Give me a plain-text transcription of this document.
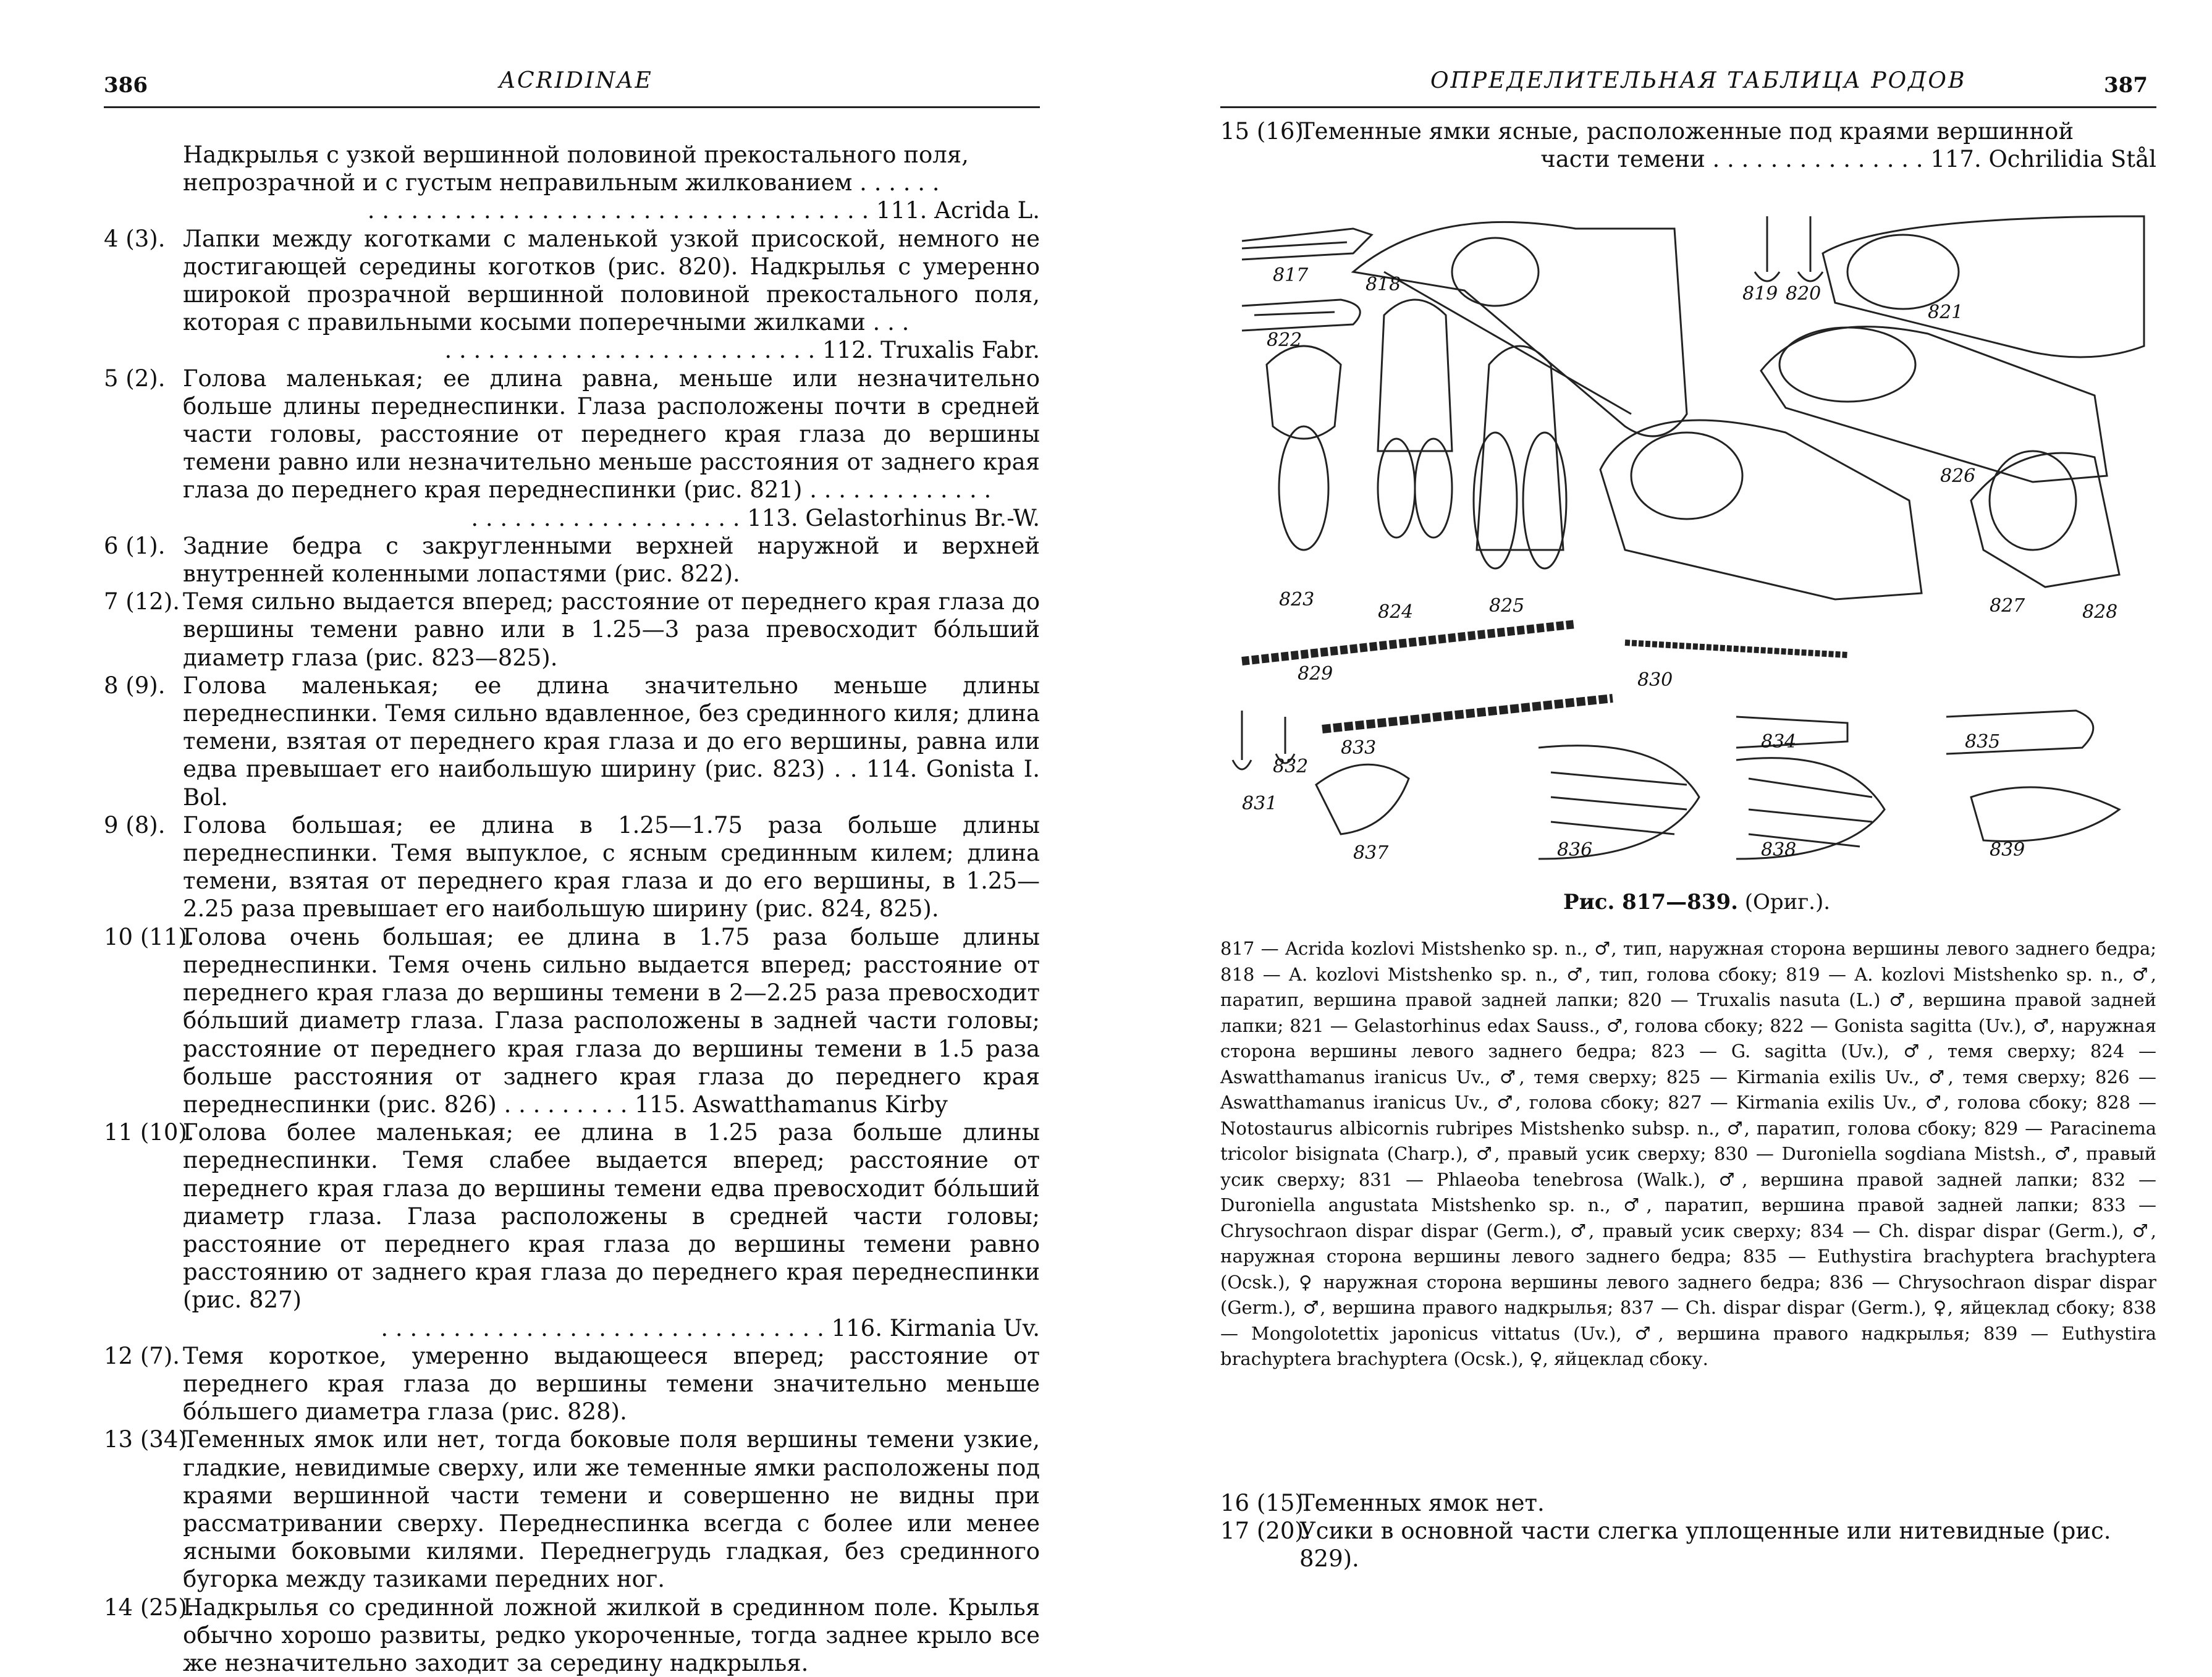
386	ACRIDINAE
Надкрылья с узкой вершинной половиной прекостального поля,
непрозрачной и с густым неправильным жилкованием . . . . . .
. . . . . . . . . . . . . . . . . . . . . . . . . . . . . . . . . . . 111. Acrida L.
4 (3). Лапки между коготками с маленькой узкой присоской, немного не достигающей середины коготков (рис. 820). Надкрылья с умеренно широкой прозрачной вершинной половиной прекостального поля, которая с правильными косыми поперечными жилками . . .
. . . . . . . . . . . . . . . . . . . . . . . . . . 112. Truxalis Fabr.
5 (2). Голова маленькая; ее длина равна, меньше или незначительно больше длины переднеспинки. Глаза расположены почти в средней части головы, расстояние от переднего края глаза до вершины темени равно или незначительно меньше расстояния от заднего края глаза до переднего края переднеспинки (рис. 821) . . . . . . . . . . . . .
. . . . . . . . . . . . . . . . . . . 113. Gelastorhinus Br.-W.
6 (1). Задние бедра с закругленными верхней наружной и верхней внутренней коленными лопастями (рис. 822).
7 (12). Темя сильно выдается вперед; расстояние от переднего края глаза до вершины темени равно или в 1.25—3 раза превосходит бóльший диаметр глаза (рис. 823—825).
8 (9). Голова маленькая; ее длина значительно меньше длины переднеспинки. Темя сильно вдавленное, без срединного киля; длина темени, взятая от переднего края глаза и до его вершины, равна или едва превышает его наибольшую ширину (рис. 823) . . 114. Gonista I. Bol.
9 (8). Голова большая; ее длина в 1.25—1.75 раза больше длины переднеспинки. Темя выпуклое, с ясным срединным килем; длина темени, взятая от переднего края глаза и до его вершины, в 1.25—2.25 раза превышает его наибольшую ширину (рис. 824, 825).
10 (11).
Голова очень большая; ее длина в 1.75 раза больше длины переднеспинки. Темя очень сильно выдается вперед; расстояние от переднего края глаза до вершины темени в 2—2.25 раза превосходит бóльший диаметр глаза. Глаза расположены в задней части головы; расстояние от переднего края глаза до вершины темени в 1.5 раза больше расстояния от заднего края глаза до переднего края переднеспинки (рис. 826) . . . . . . . . . 115. Aswatthamanus Kirby
11 (10).
Голова более маленькая; ее длина в 1.25 раза больше длины переднеспинки. Темя слабее выдается вперед; расстояние от переднего края глаза до вершины темени едва превосходит бóльший диаметр глаза. Глаза расположены в средней части головы; расстояние от переднего края глаза до вершины темени равно расстоянию от заднего края глаза до переднего края переднеспинки (рис. 827)
. . . . . . . . . . . . . . . . . . . . . . . . . . . . . . . 116. Kirmania Uv.
12 (7). Темя короткое, умеренно выдающееся вперед; расстояние от переднего края глаза до вершины темени значительно меньше бóльшего диаметра глаза (рис. 828).
13 (34).
Теменных ямок или нет, тогда боковые поля вершины темени узкие, гладкие, невидимые сверху, или же теменные ямки расположены под краями вершинной части темени и совершенно не видны при рассматривании сверху. Переднеспинка всегда с более или менее ясными боковыми килями. Переднегрудь гладкая, без срединного бугорка между тазиками передних ног.
14 (25).
Надкрылья со срединной ложной жилкой в срединном поле. Крылья обычно хорошо развиты, редко укороченные, тогда заднее крыло все же незначительно заходит за середину надкрылья.
ОПРЕДЕЛИТЕЛЬНАЯ ТАБЛИЦА РОДОВ	387
15 (16).
Теменные ямки ясные, расположенные под краями вершинной
части темени . . . . . . . . . . . . . . . 117. Ochrilidia Stål
817	818	819 820
821
822
823
824	825
826
827	828
829	830
831
832
833	834	835
836
837	838	839
Рис. 817—839. (Ориг.).
817 — Acrida kozlovi Mistshenko sp. n., ♂, тип, наружная сторона вершины левого заднего бедра; 818 — A. kozlovi Mistshenko sp. n., ♂, тип, голова сбоку; 819 — A. kozlovi Mistshenko sp. n., ♂, паратип, вершина правой задней лапки; 820 — Truxalis nasuta (L.) ♂, вершина правой задней лапки; 821 — Gelastorhinus edax Sauss., ♂, голова сбоку; 822 — Gonista sagitta (Uv.), ♂, наружная сторона вершины левого заднего бедра; 823 — G. sagitta (Uv.), ♂, темя сверху; 824 — Aswatthamanus iranicus Uv., ♂, темя сверху; 825 — Kirmania exilis Uv., ♂, темя сверху; 826 — Aswatthamanus iranicus Uv., ♂, голова сбоку; 827 — Kirmania exilis Uv., ♂, голова сбоку; 828 — Notostaurus albicornis rubripes Mistshenko subsp. n., ♂, паратип, голова сбоку; 829 — Paracinema tricolor bisignata (Charp.), ♂, правый усик сверху; 830 — Duroniella sogdiana Mistsh., ♂, правый усик сверху; 831 — Phlaeoba tenebrosa (Walk.), ♂, вершина правой задней лапки; 832 — Duroniella angustata Mistshenko sp. n., ♂, паратип, вершина правой задней лапки; 833 — Chrysochraon dispar dispar (Germ.), ♂, правый усик сверху; 834 — Ch. dispar dispar (Germ.), ♂, наружная сторона вершины левого заднего бедра; 835 — Euthystira brachyptera brachyptera (Ocsk.), ♀ наружная сторона вершины левого заднего бедра; 836 — Chrysochraon dispar dispar (Germ.), ♂, вершина правого надкрылья; 837 — Ch. dispar dispar (Germ.), ♀, яйцеклад сбоку; 838 — Mongolotettix japonicus vittatus (Uv.), ♂, вершина правого надкрылья; 839 — Euthystira brachyptera brachyptera (Ocsk.), ♀, яйцеклад сбоку.
16 (15).
Теменных ямок нет.
17 (20).
Усики в основной части слегка уплощенные или нитевидные (рис. 829).
